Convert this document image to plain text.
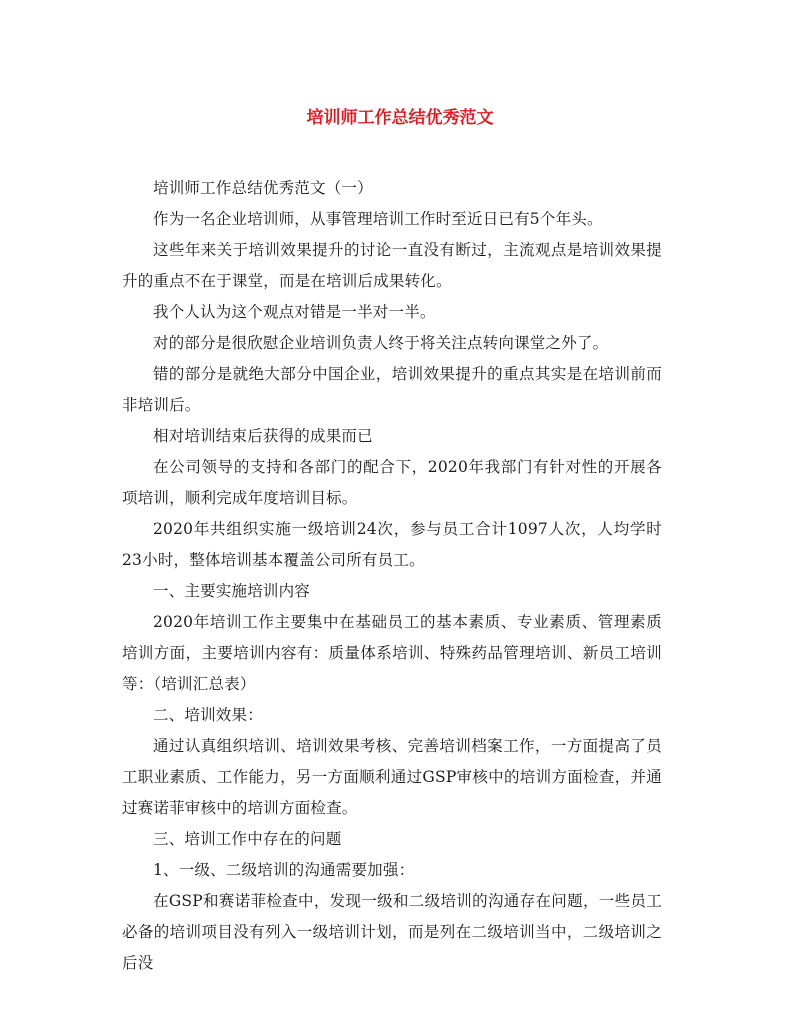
培训师工作总结优秀范文

培训师工作总结优秀范文（一）

作为一名企业培训师，从事管理培训工作时至近日已有5个年头。

这些年来关于培训效果提升的讨论一直没有断过，主流观点是培训效果提升的重点不在于课堂，而是在培训后成果转化。

我个人认为这个观点对错是一半对一半。

对的部分是很欣慰企业培训负责人终于将关注点转向课堂之外了。

错的部分是就绝大部分中国企业，培训效果提升的重点其实是在培训前而非培训后。

相对培训结束后获得的成果而已

在公司领导的支持和各部门的配合下，2020年我部门有针对性的开展各项培训，顺利完成年度培训目标。

2020年共组织实施一级培训24次，参与员工合计1097人次，人均学时23小时，整体培训基本覆盖公司所有员工。

一、主要实施培训内容

2020年培训工作主要集中在基础员工的基本素质、专业素质、管理素质培训方面，主要培训内容有：质量体系培训、特殊药品管理培训、新员工培训等：（培训汇总表）

二、培训效果：

通过认真组织培训、培训效果考核、完善培训档案工作，一方面提高了员工职业素质、工作能力，另一方面顺利通过GSP审核中的培训方面检查，并通过赛诺菲审核中的培训方面检查。

三、培训工作中存在的问题

1、一级、二级培训的沟通需要加强：

在GSP和赛诺菲检查中，发现一级和二级培训的沟通存在问题，一些员工必备的培训项目没有列入一级培训计划，而是列在二级培训当中，二级培训之后没
